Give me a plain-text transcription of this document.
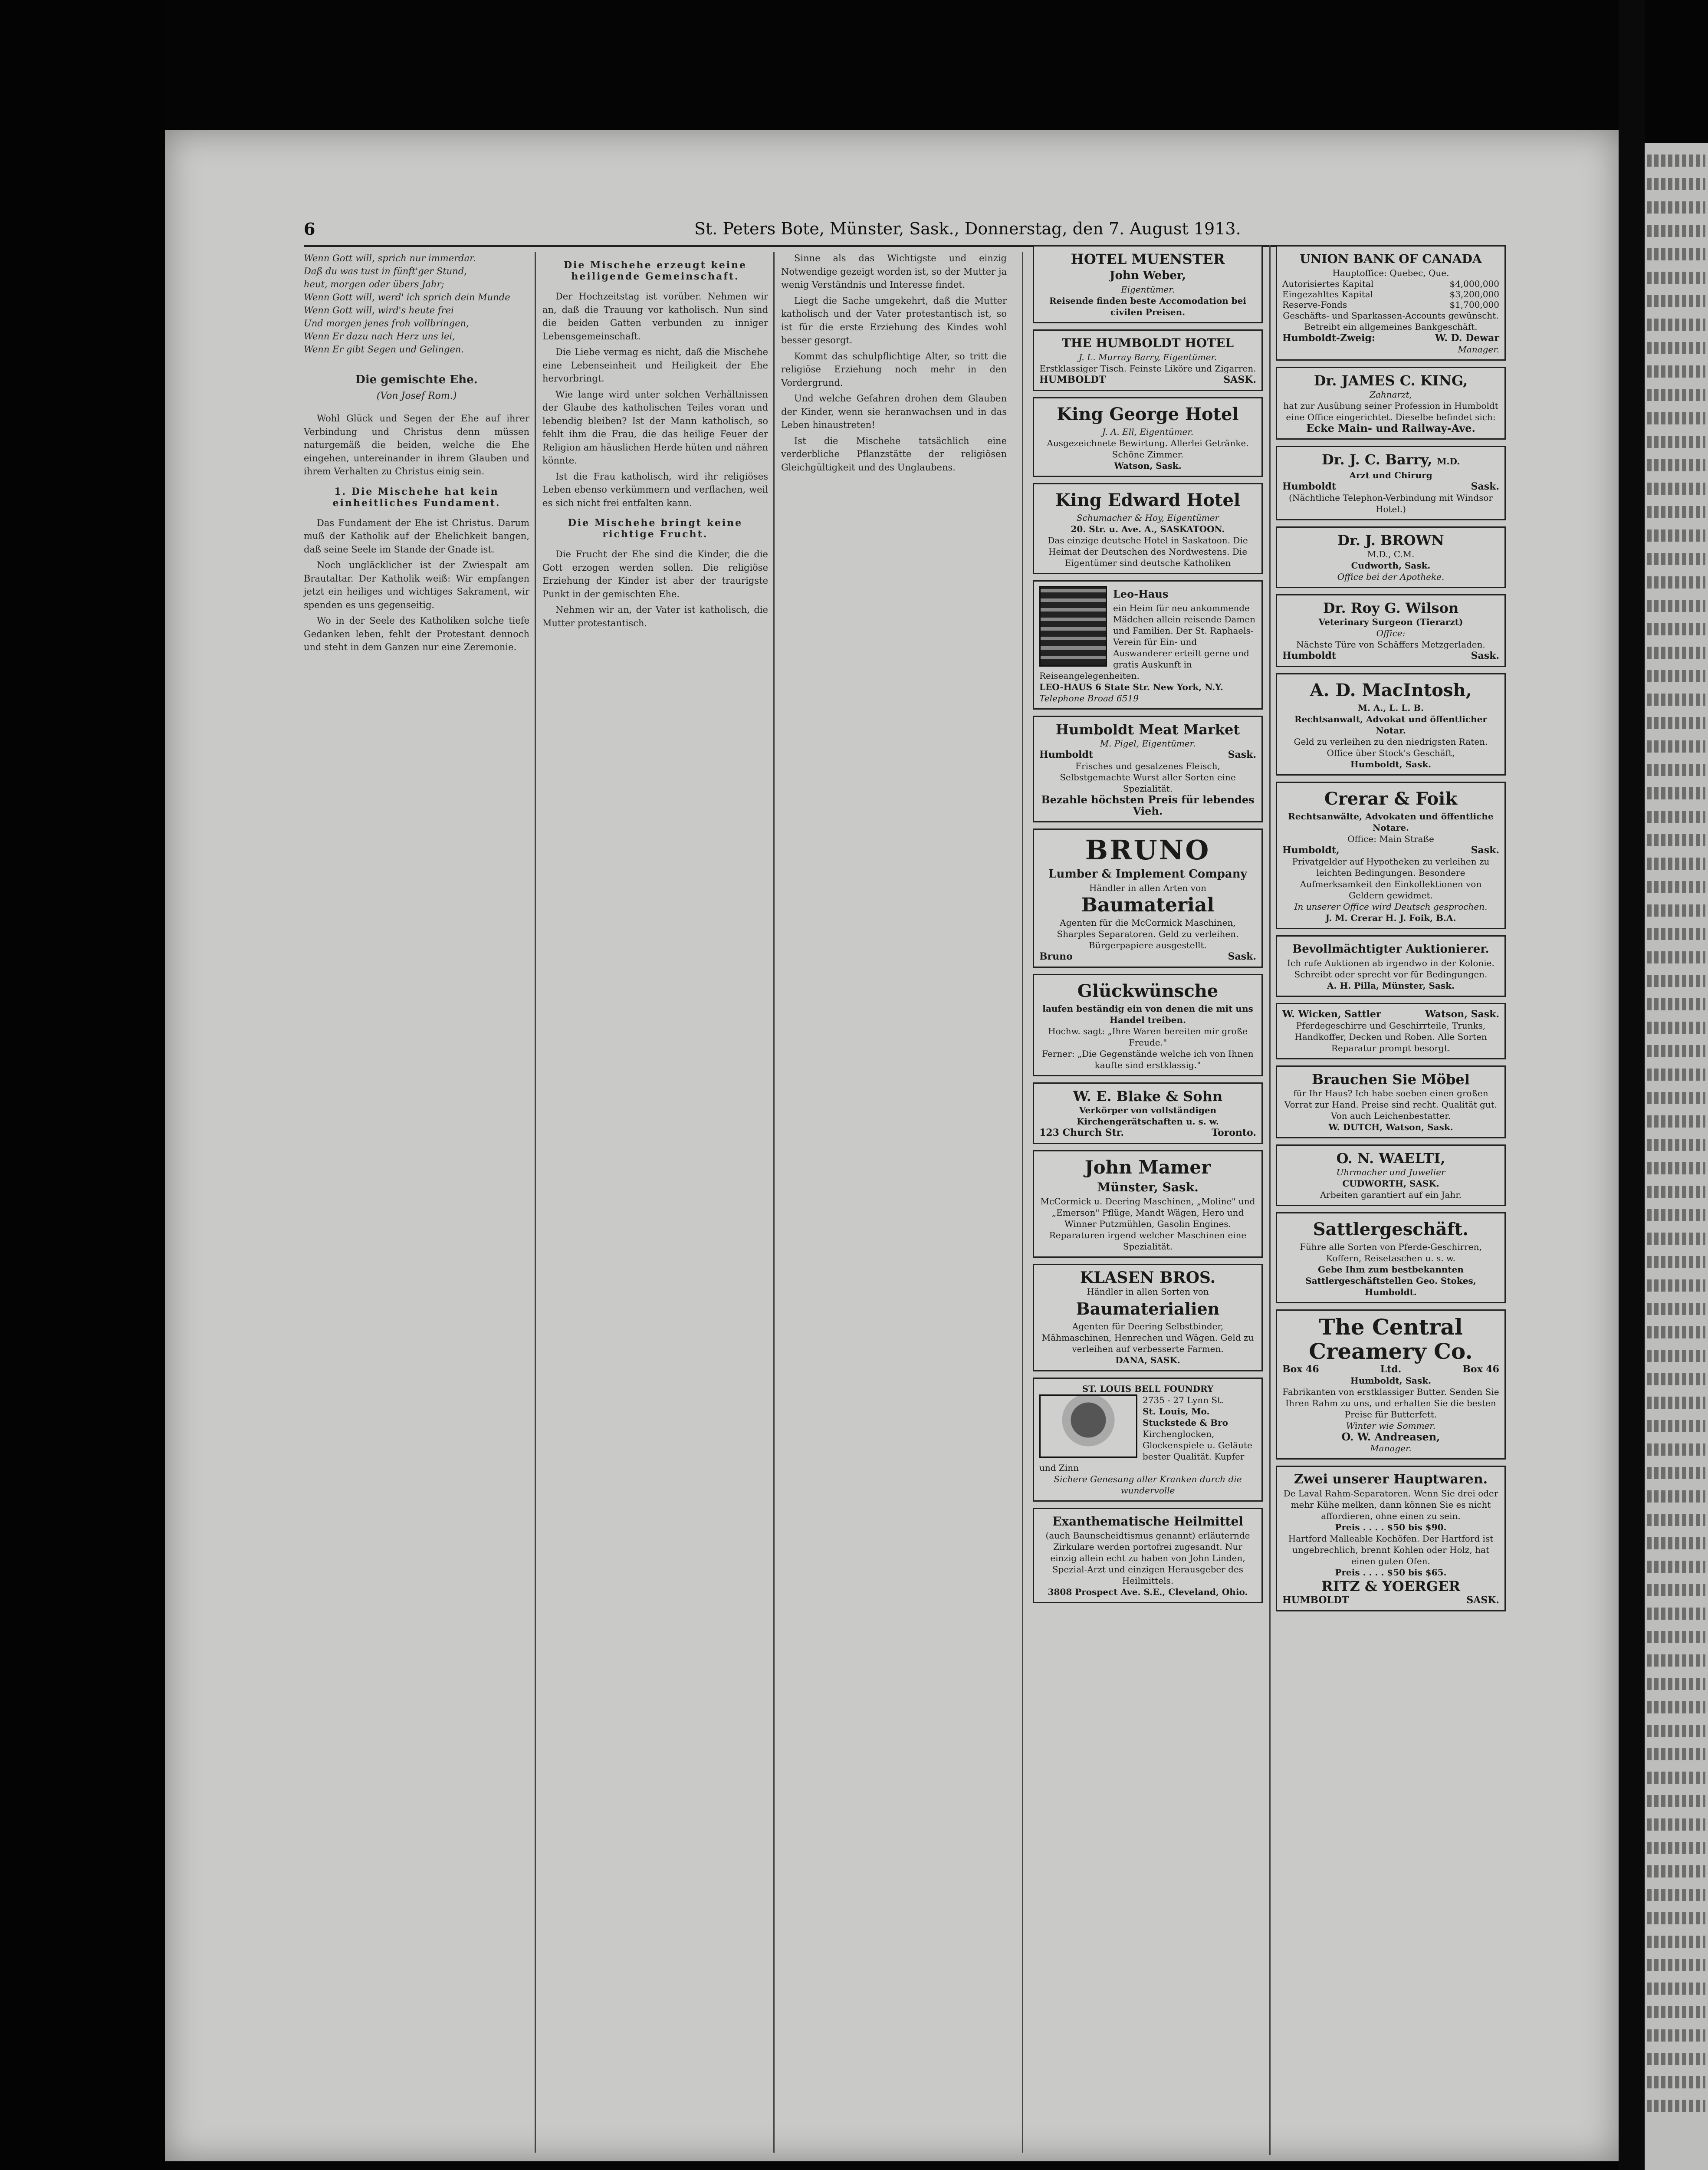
6	St. Peters Bote, Münster, Sask., Donnerstag, den 7. August 1913.
Wenn Gott will, sprich nur immerdar.
Daß du was tust in fünft'ger Stund,
heut, morgen oder übers Jahr;
Wenn Gott will, werd' ich sprich dein Munde
Wenn Gott will, wird's heute frei
Und morgen jenes froh vollbringen,
Wenn Er dazu nach Herz uns lei,
Wenn Er gibt Segen und Gelingen.
Die gemischte Ehe.
(Von Josef Rom.)

Wohl Glück und Segen der Ehe auf ihrer Verbindung und Christus denn müssen naturgemäß die beiden, welche die Ehe eingehen, untereinander in ihrem Glauben und ihrem Verhalten zu Christus einig sein.

1. Die Mischehe hat kein einheitliches Fundament.

Das Fundament der Ehe ist Christus. Darum muß der Katholik auf der Ehelichkeit bangen, daß seine Seele im Stande der Gnade ist.

Noch ungläcklicher ist der Zwiespalt am Brautaltar. Der Katholik weiß: Wir empfangen jetzt ein heiliges und wichtiges Sakrament, wir spenden es uns gegenseitig.

Wo in der Seele des Katholiken solche tiefe Gedanken leben, fehlt der Protestant dennoch und steht in dem Ganzen nur eine Zeremonie.

Die Mischehe erzeugt keine heiligende Gemeinschaft.

Der Hochzeitstag ist vorüber. Nehmen wir an, daß die Trauung vor katholisch. Nun sind die beiden Gatten verbunden zu inniger Lebensgemeinschaft.

Die Liebe vermag es nicht, daß die Mischehe eine Lebenseinheit und Heiligkeit der Ehe hervorbringt.

Wie lange wird unter solchen Verhältnissen der Glaube des katholischen Teiles voran und lebendig bleiben? Ist der Mann katholisch, so fehlt ihm die Frau, die das heilige Feuer der Religion am häuslichen Herde hüten und nähren könnte.

Ist die Frau katholisch, wird ihr religiöses Leben ebenso verkümmern und verflachen, weil es sich nicht frei entfalten kann.

Die Mischehe bringt keine richtige Frucht.

Die Frucht der Ehe sind die Kinder, die die Gott erzogen werden sollen. Die religiöse Erziehung der Kinder ist aber der traurigste Punkt in der gemischten Ehe.

Nehmen wir an, der Vater ist katholisch, die Mutter protestantisch.

Sinne als das Wichtigste und einzig Notwendige gezeigt worden ist, so der Mutter ja wenig Verständnis und Interesse findet.

Liegt die Sache umgekehrt, daß die Mutter katholisch und der Vater protestantisch ist, so ist für die erste Erziehung des Kindes wohl besser gesorgt.

Kommt das schulpflichtige Alter, so tritt die religiöse Erziehung noch mehr in den Vordergrund.

Und welche Gefahren drohen dem Glauben der Kinder, wenn sie heranwachsen und in das Leben hinaustreten!

Ist die Mischehe tatsächlich eine verderbliche Pflanzstätte der religiösen Gleichgültigkeit und des Unglaubens.

HOTEL MUENSTER
John Weber,
Eigentümer.
Reisende finden beste Accomodation bei civilen Preisen.
THE HUMBOLDT HOTEL
J. L. Murray Barry, Eigentümer.
Erstklassiger Tisch. Feinste Liköre und Zigarren.
HUMBOLDT	SASK.
King George Hotel
J. A. Ell, Eigentümer.
Ausgezeichnete Bewirtung. Allerlei Getränke. Schöne Zimmer.
Watson, Sask.
King Edward Hotel
Schumacher & Hoy, Eigentümer
20. Str. u. Ave. A., SASKATOON.
Das einzige deutsche Hotel in Saskatoon. Die Heimat der Deutschen des Nordwestens. Die Eigentümer sind deutsche Katholiken
Leo-Haus
ein Heim für neu ankommende Mädchen allein reisende Damen und Familien. Der St. Raphaels-Verein für Ein- und Auswanderer erteilt gerne und gratis Auskunft in Reiseangelegenheiten.
LEO-HAUS 6 State Str. New York, N.Y.
Telephone Broad 6519
Humboldt Meat Market
M. Pigel, Eigentümer.
Humboldt	Sask.
Frisches und gesalzenes Fleisch, Selbstgemachte Wurst aller Sorten eine Spezialität.
Bezahle höchsten Preis für lebendes Vieh.
BRUNO
Lumber & Implement Company
Händler in allen Arten von
Baumaterial
Agenten für die McCormick Maschinen, Sharples Separatoren. Geld zu verleihen. Bürgerpapiere ausgestellt.
Bruno	Sask.
Glückwünsche
laufen beständig ein von denen die mit uns Handel treiben.
Hochw. sagt: „Ihre Waren bereiten mir große Freude."
Ferner: „Die Gegenstände welche ich von Ihnen kaufte sind erstklassig."
W. E. Blake & Sohn
Verkörper von vollständigen Kirchengerätschaften u. s. w.
123 Church Str.	Toronto.
John Mamer
Münster, Sask.
McCormick u. Deering Maschinen, „Moline" und „Emerson" Pflüge, Mandt Wägen, Hero und Winner Putzmühlen, Gasolin Engines. Reparaturen irgend welcher Maschinen eine Spezialität.
KLASEN BROS.
Händler in allen Sorten von
Baumaterialien
Agenten für Deering Selbstbinder, Mähmaschinen, Henrechen und Wägen. Geld zu verleihen auf verbesserte Farmen.
DANA, SASK.
ST. LOUIS BELL FOUNDRY
2735 - 27 Lynn St.
St. Louis, Mo.
Stuckstede & Bro
Kirchenglocken, Glockenspiele u. Geläute bester Qualität. Kupfer und Zinn
Sichere Genesung aller Kranken durch die wundervolle
Exanthematische Heilmittel
(auch Baunscheidtismus genannt) erläuternde Zirkulare werden portofrei zugesandt. Nur einzig allein echt zu haben von John Linden, Spezial-Arzt und einzigen Herausgeber des Heilmittels.
3808 Prospect Ave. S.E., Cleveland, Ohio.
UNION BANK OF CANADA
Hauptoffice: Quebec, Que.
Autorisiertes Kapital	$4,000,000
Eingezahltes Kapital	$3,200,000
Reserve-Fonds	$1,700,000
Geschäfts- und Sparkassen-Accounts gewünscht. Betreibt ein allgemeines Bankgeschäft.
Humboldt-Zweig:	W. D. Dewar
Manager.
Dr. JAMES C. KING,
Zahnarzt,
hat zur Ausübung seiner Profession in Humboldt eine Office eingerichtet. Dieselbe befindet sich:
Ecke Main- und Railway-Ave.
Dr. J. C. Barry, M.D.
Arzt und Chirurg
Humboldt	Sask.
(Nächtliche Telephon-Verbindung mit Windsor Hotel.)
Dr. J. BROWN
M.D., C.M.
Cudworth, Sask.
Office bei der Apotheke.
Dr. Roy G. Wilson
Veterinary Surgeon (Tierarzt)
Office:
Nächste Türe von Schäffers Metzgerladen.
Humboldt	Sask.
A. D. MacIntosh,
M. A., L. L. B.
Rechtsanwalt, Advokat und öffentlicher Notar.
Geld zu verleihen zu den niedrigsten Raten.
Office über Stock's Geschäft,
Humboldt, Sask.
Crerar & Foik
Rechtsanwälte, Advokaten und öffentliche Notare.
Office: Main Straße
Humboldt,	Sask.
Privatgelder auf Hypotheken zu verleihen zu leichten Bedingungen. Besondere Aufmerksamkeit den Einkollektionen von Geldern gewidmet.
In unserer Office wird Deutsch gesprochen.
J. M. Crerar H. J. Foik, B.A.
Bevollmächtigter Auktionierer.
Ich rufe Auktionen ab irgendwo in der Kolonie. Schreibt oder sprecht vor für Bedingungen.
A. H. Pilla, Münster, Sask.
W. Wicken, Sattler	Watson, Sask.
Pferdegeschirre und Geschirrteile, Trunks, Handkoffer, Decken und Roben. Alle Sorten Reparatur prompt besorgt.
Brauchen Sie Möbel
für Ihr Haus? Ich habe soeben einen großen Vorrat zur Hand. Preise sind recht. Qualität gut. Von auch Leichenbestatter.
W. DUTCH, Watson, Sask.
O. N. WAELTI,
Uhrmacher und Juwelier
CUDWORTH, SASK.
Arbeiten garantiert auf ein Jahr.
Sattlergeschäft.
Führe alle Sorten von Pferde-Geschirren, Koffern, Reisetaschen u. s. w.
Gebe Ihm zum bestbekannten Sattlergeschäftstellen Geo. Stokes, Humboldt.
The Central Creamery Co.
Box 46	Ltd.	Box 46
Humboldt, Sask.
Fabrikanten von erstklassiger Butter. Senden Sie Ihren Rahm zu uns, und erhalten Sie die besten Preise für Butterfett.
Winter wie Sommer.
O. W. Andreasen,
Manager.
Zwei unserer Hauptwaren.
De Laval Rahm-Separatoren. Wenn Sie drei oder mehr Kühe melken, dann können Sie es nicht affordieren, ohne einen zu sein.
Preis . . . . $50 bis $90.
Hartford Malleable Kochöfen. Der Hartford ist ungebrechlich, brennt Kohlen oder Holz, hat einen guten Ofen.
Preis . . . . $50 bis $65.
RITZ & YOERGER
HUMBOLDT	SASK.
